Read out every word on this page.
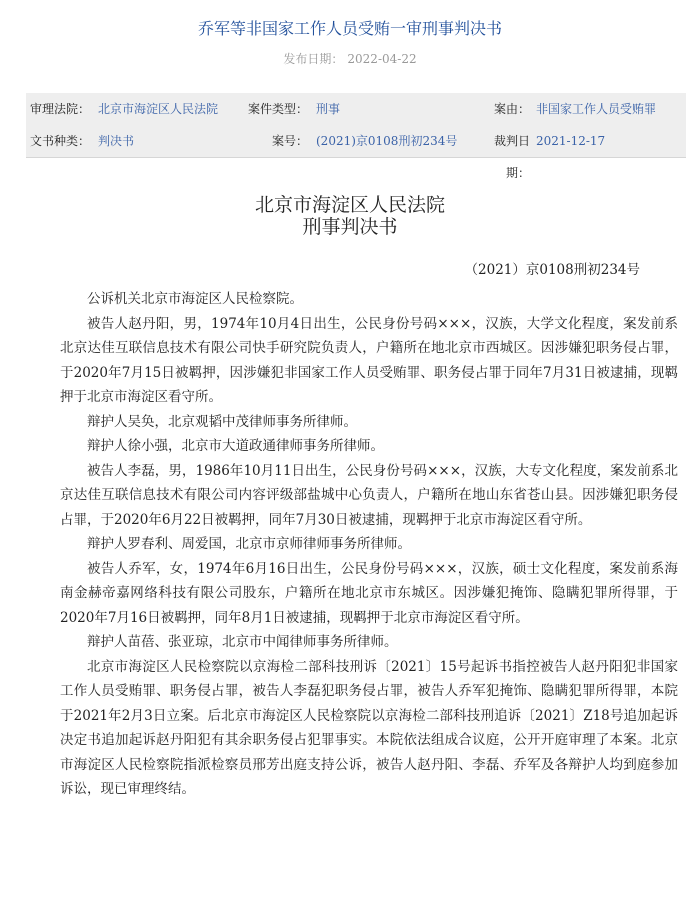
乔军等非国家工作人员受贿一审刑事判决书
发布日期： 2022-04-22
审理法院： 北京市海淀区人民法院 案件类型： 刑事	案由： 非国家工作人员受贿罪
文书种类： 判决书	案号： (2021)京0108刑初234号	裁判日期：
2021-12-17
北京市海淀区人民法院
刑事判决书
（2021）京0108刑初234号

公诉机关北京市海淀区人民检察院。

被告人赵丹阳，男，1974年10月4日出生，公民身份号码×××，汉族，大学文化程度，案发前系北京达佳互联信息技术有限公司快手研究院负责人，户籍所在地北京市西城区。因涉嫌犯职务侵占罪，于2020年7月15日被羁押，因涉嫌犯非国家工作人员受贿罪、职务侵占罪于同年7月31日被逮捕，现羁押于北京市海淀区看守所。

辩护人吴奂，北京观韬中茂律师事务所律师。

辩护人徐小强，北京市大道政通律师事务所律师。

被告人李磊，男，1986年10月11日出生，公民身份号码×××，汉族，大专文化程度，案发前系北京达佳互联信息技术有限公司内容评级部盐城中心负责人，户籍所在地山东省苍山县。因涉嫌犯职务侵占罪，于2020年6月22日被羁押，同年7月30日被逮捕，现羁押于北京市海淀区看守所。

辩护人罗春利、周爱国，北京市京师律师事务所律师。

被告人乔军，女，1974年6月16日出生，公民身份号码×××，汉族，硕士文化程度，案发前系海南金赫帝嘉网络科技有限公司股东，户籍所在地北京市东城区。因涉嫌犯掩饰、隐瞒犯罪所得罪，于2020年7月16日被羁押，同年8月1日被逮捕，现羁押于北京市海淀区看守所。

辩护人苗蓓、张亚琼，北京市中闻律师事务所律师。

北京市海淀区人民检察院以京海检二部科技刑诉〔2021〕15号起诉书指控被告人赵丹阳犯非国家工作人员受贿罪、职务侵占罪，被告人李磊犯职务侵占罪，被告人乔军犯掩饰、隐瞒犯罪所得罪，本院于2021年2月3日立案。后北京市海淀区人民检察院以京海检二部科技刑追诉〔2021〕Z18号追加起诉决定书追加起诉赵丹阳犯有其余职务侵占犯罪事实。本院依法组成合议庭，公开开庭审理了本案。北京市海淀区人民检察院指派检察员邢芳出庭支持公诉，被告人赵丹阳、李磊、乔军及各辩护人均到庭参加诉讼，现已审理终结。
